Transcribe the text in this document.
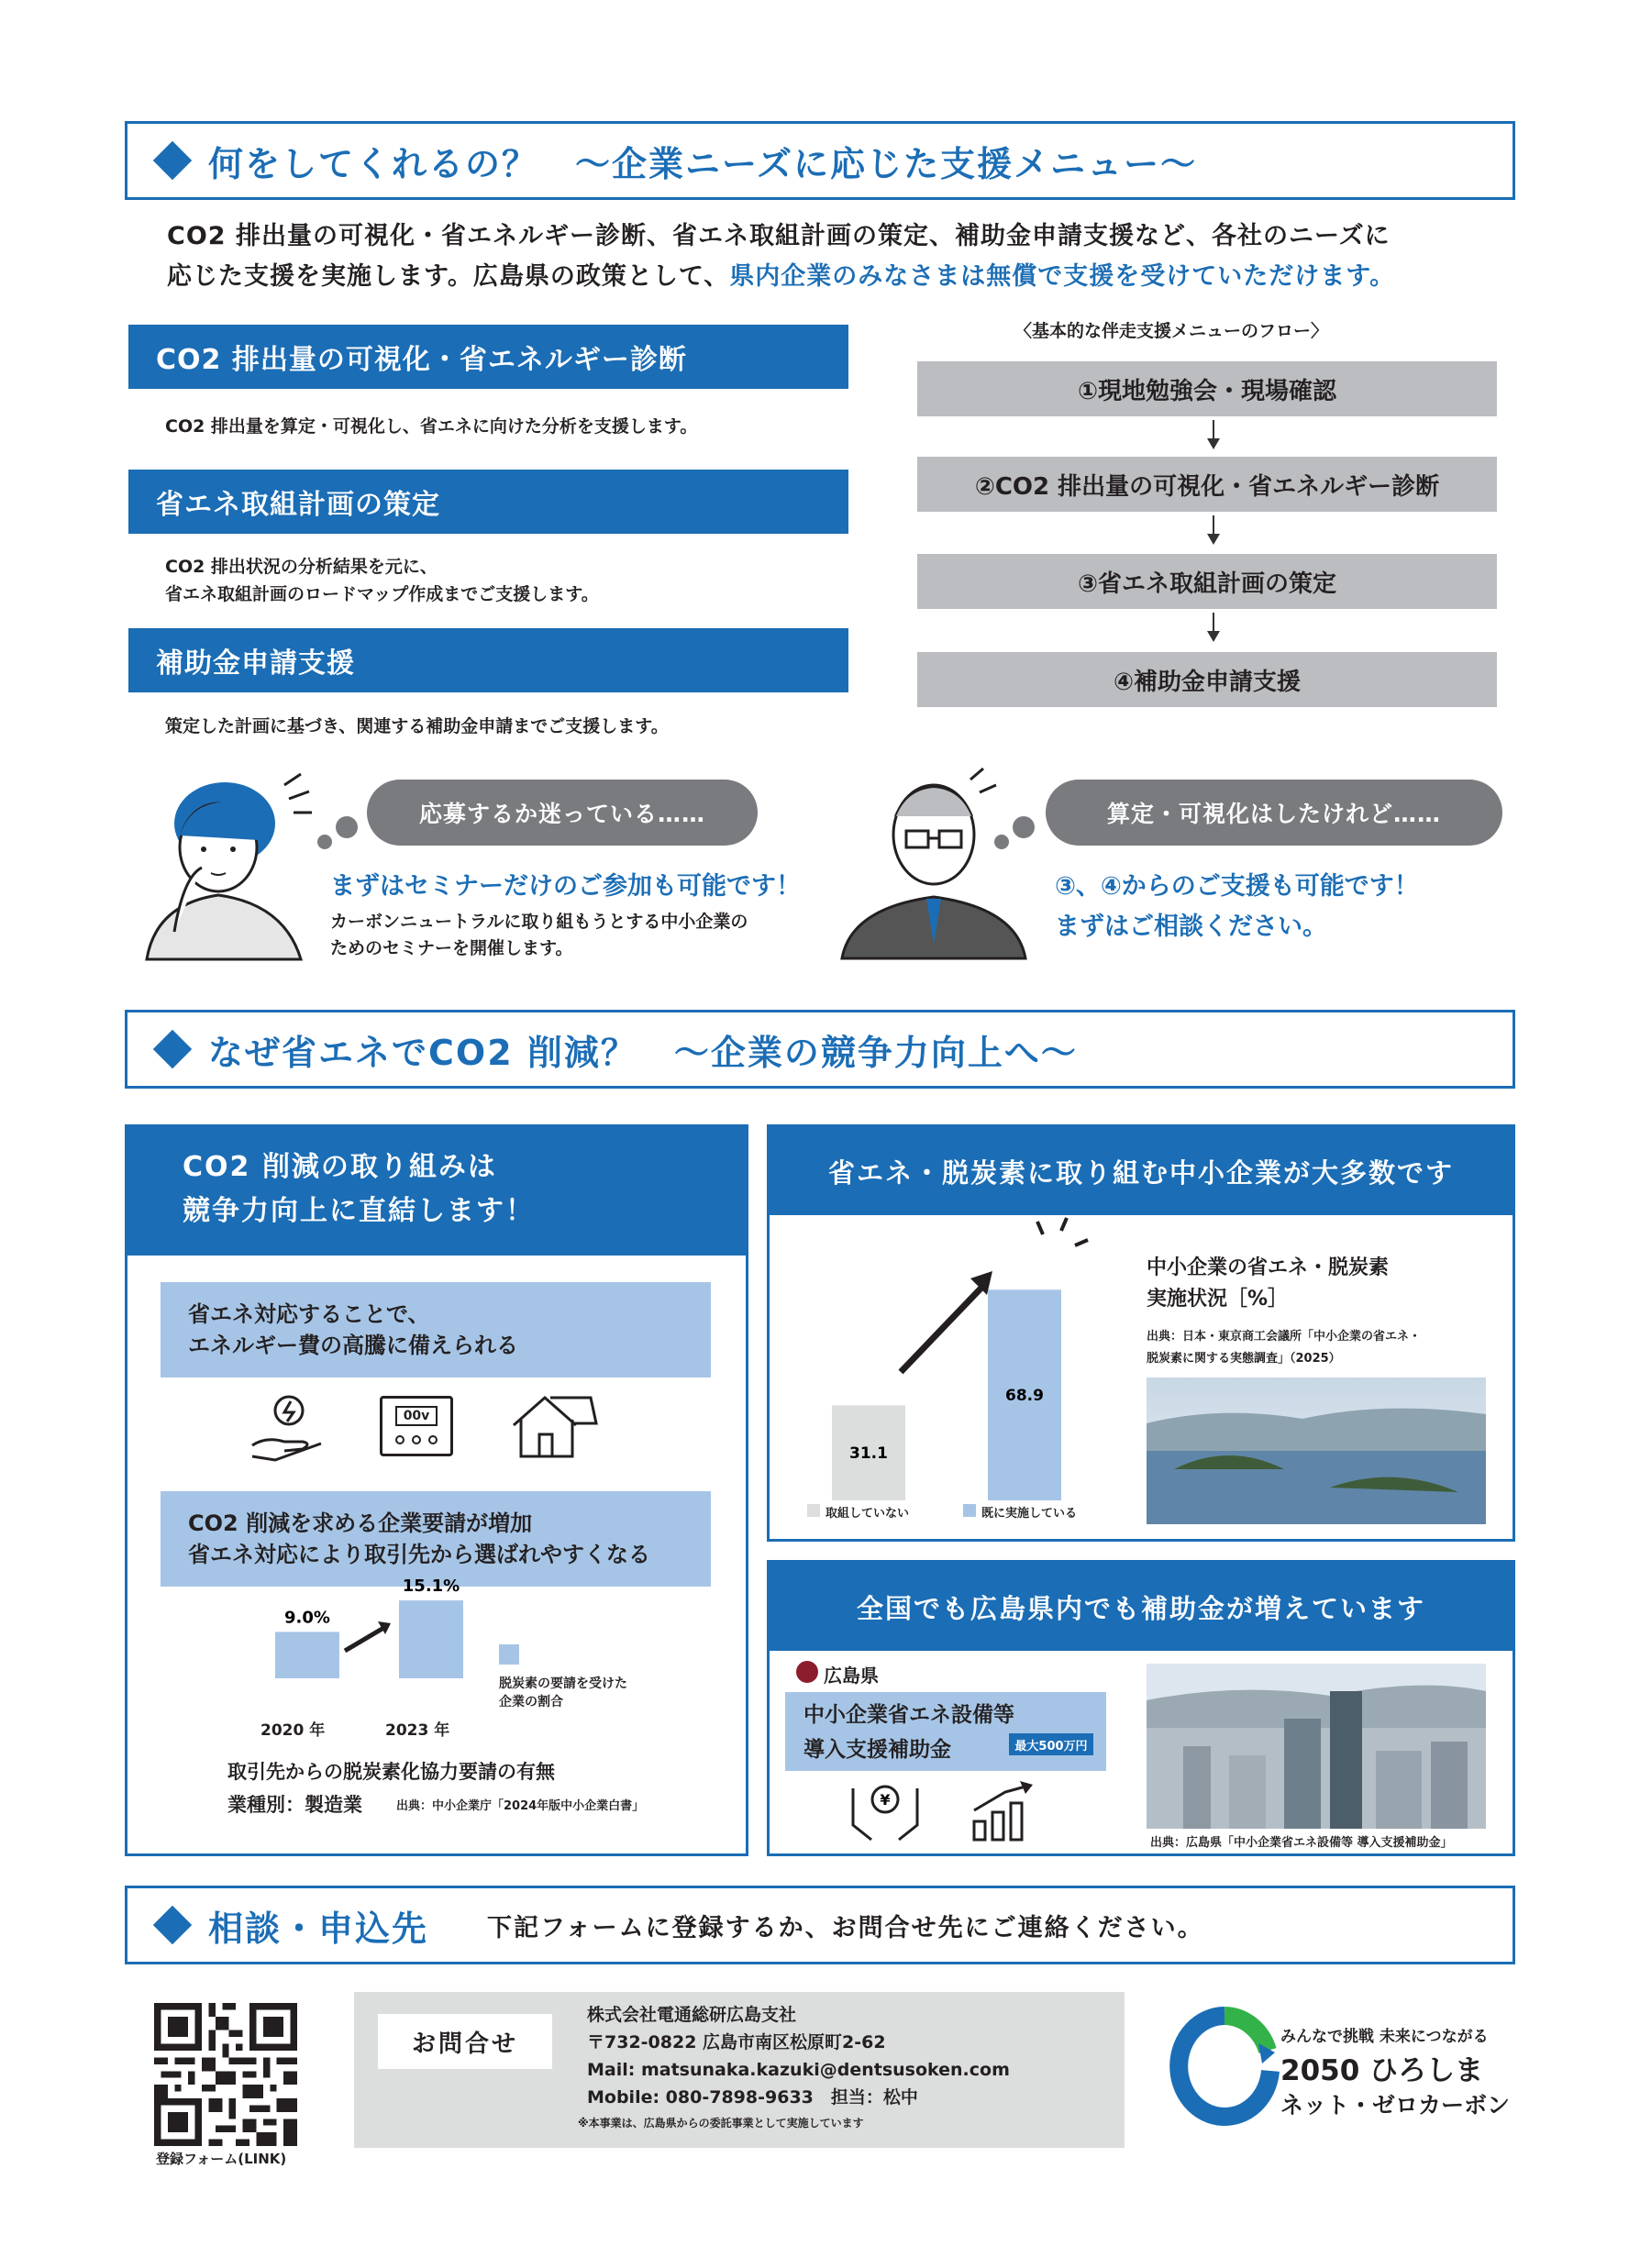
何をしてくれるの？　～企業ニーズに応じた支援メニュー～
CO2 排出量の可視化・省エネルギー診断、省エネ取組計画の策定、補助金申請支援など、各社のニーズに
応じた支援を実施します。広島県の政策として、県内企業のみなさまは無償で支援を受けていただけます。
CO2 排出量の可視化・省エネルギー診断
CO2 排出量を算定・可視化し、省エネに向けた分析を支援します。
省エネ取組計画の策定
CO2 排出状況の分析結果を元に、
省エネ取組計画のロードマップ作成までご支援します。
補助金申請支援
策定した計画に基づき、関連する補助金申請までご支援します。
〈基本的な伴走支援メニューのフロー〉
①現地勉強会・現場確認
②CO2 排出量の可視化・省エネルギー診断
③省エネ取組計画の策定
④補助金申請支援
応募するか迷っている……
まずはセミナーだけのご参加も可能です！
カーボンニュートラルに取り組もうとする中小企業の
ためのセミナーを開催します。
算定・可視化はしたけれど……
③、④からのご支援も可能です！
まずはご相談ください。
なぜ省エネでCO2 削減？　～企業の競争力向上へ～
CO2 削減の取り組みは
競争力向上に直結します！
省エネ対応することで、
エネルギー費の高騰に備えられる
00v
CO2 削減を求める企業要請が増加
省エネ対応により取引先から選ばれやすくなる
9.0%
15.1%
2020 年	2023 年
脱炭素の要請を受けた
企業の割合
取引先からの脱炭素化協力要請の有無
業種別：製造業	出典：中小企業庁「2024年版中小企業白書」
省エネ・脱炭素に取り組む中小企業が大多数です
31.1
68.9
取組していない	既に実施している
中小企業の省エネ・脱炭素
実施状況［%］
出典：日本・東京商工会議所「中小企業の省エネ・
脱炭素に関する実態調査」（2025）
全国でも広島県内でも補助金が増えています
広島県
中小企業省エネ設備等
導入支援補助金	最大500万円
¥
出典：広島県「中小企業省エネ設備等 導入支援補助金」
相談・申込先 下記フォームに登録するか、お問合せ先にご連絡ください。
登録フォーム(LINK)
お問合せ
株式会社電通総研広島支社
〒732-0822 広島市南区松原町2-62
Mail: matsunaka.kazuki@dentsusoken.com
Mobile: 080-7898-9633　担当：松中
※本事業は、広島県からの委託事業として実施しています
みんなで挑戦 未来につながる
2050 ひろしま
ネット・ゼロカーボン
